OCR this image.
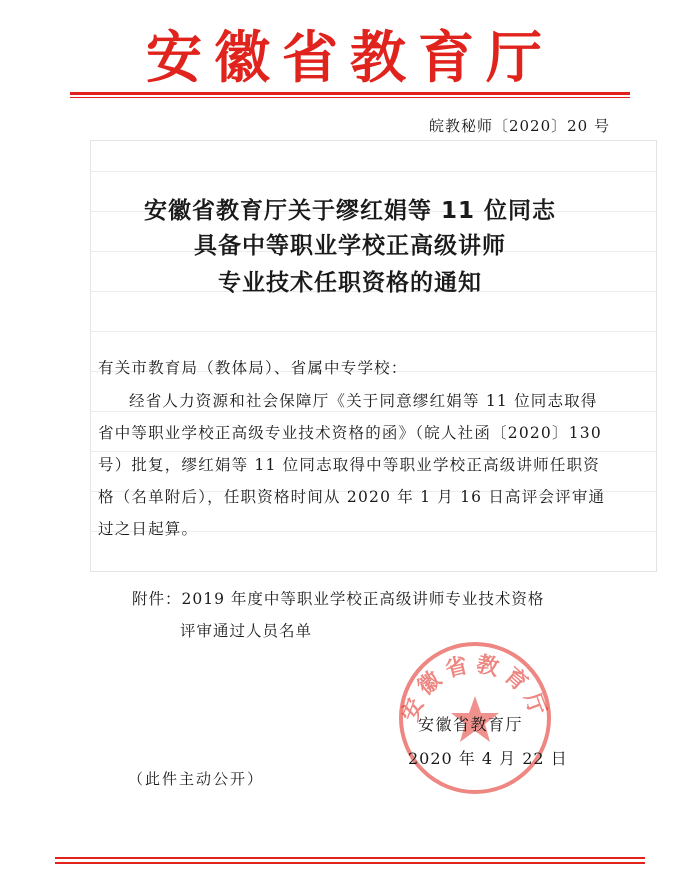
安徽省教育厅
皖教秘师〔2020〕20 号
安徽省教育厅关于缪红娟等 11 位同志
具备中等职业学校正高级讲师
专业技术任职资格的通知
有关市教育局（教体局）、省属中专学校：
经省人力资源和社会保障厅《关于同意缪红娟等 11 位同志取得省中等职业学校正高级专业技术资格的函》（皖人社函〔2020〕130 号）批复，缪红娟等 11 位同志取得中等职业学校正高级讲师任职资格（名单附后），任职资格时间从 2020 年 1 月 16 日高评会评审通过之日起算。
附件：2019 年度中等职业学校正高级讲师专业技术资格
评审通过人员名单
安徽省教育厅
安徽省教育厅
2020 年 4 月 22 日
（此件主动公开）
